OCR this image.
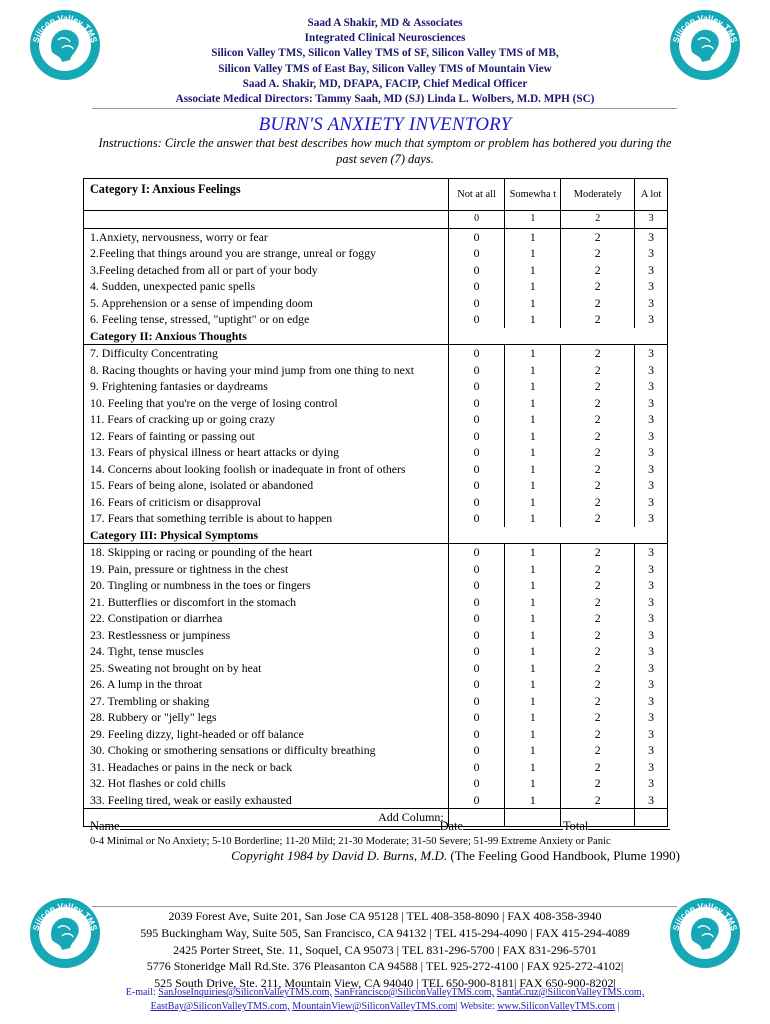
Silicon Valley TMS	Silicon Valley TMS
Silicon Valley TMS	Silicon Valley TMS
Saad A Shakir, MD & Associates
Integrated Clinical Neurosciences
Silicon Valley TMS, Silicon Valley TMS of SF, Silicon Valley TMS of MB,
Silicon Valley TMS of East Bay, Silicon Valley TMS of Mountain View
Saad A. Shakir, MD, DFAPA, FACIP, Chief Medical Officer
Associate Medical Directors: Tammy Saah, MD (SJ) Linda L. Wolbers, M.D. MPH (SC)
BURN'S ANXIETY INVENTORY
Instructions: Circle the answer that best describes how much that symptom or problem has bothered you during the past seven (7) days.
Category I: Anxious Feelings	Not at all	Somewha t	Moderately	A lot
	0	1	2	3
1.Anxiety, nervousness, worry or fear	0	1	2	3
2.Feeling that things around you are strange, unreal or foggy	0	1	2	3
3.Feeling detached from all or part of your body	0	1	2	3
4. Sudden, unexpected panic spells	0	1	2	3
5. Apprehension or a sense of impending doom	0	1	2	3
6. Feeling tense, stressed, "uptight" or on edge	0	1	2	3
Category II: Anxious Thoughts				
7. Difficulty Concentrating	0	1	2	3
8. Racing thoughts or having your mind jump from one thing to next	0	1	2	3
9. Frightening fantasies or daydreams	0	1	2	3
10. Feeling that you're on the verge of losing control	0	1	2	3
11. Fears of cracking up or going crazy	0	1	2	3
12. Fears of fainting or passing out	0	1	2	3
13. Fears of physical illness or heart attacks or dying	0	1	2	3
14. Concerns about looking foolish or inadequate in front of others	0	1	2	3
15. Fears of being alone, isolated or abandoned	0	1	2	3
16. Fears of criticism or disapproval	0	1	2	3
17. Fears that something terrible is about to happen	0	1	2	3
Category III: Physical Symptoms				
18. Skipping or racing or pounding of the heart	0	1	2	3
19. Pain, pressure or tightness in the chest	0	1	2	3
20. Tingling or numbness in the toes or fingers	0	1	2	3
21. Butterflies or discomfort in the stomach	0	1	2	3
22. Constipation or diarrhea	0	1	2	3
23. Restlessness or jumpiness	0	1	2	3
24. Tight, tense muscles	0	1	2	3
25. Sweating not brought on by heat	0	1	2	3
26. A lump in the throat	0	1	2	3
27. Trembling or shaking	0	1	2	3
28. Rubbery or "jelly" legs	0	1	2	3
29. Feeling dizzy, light-headed or off balance	0	1	2	3
30. Choking or smothering sensations or difficulty breathing	0	1	2	3
31. Headaches or pains in the neck or back	0	1	2	3
32. Hot flashes or cold chills	0	1	2	3
33. Feeling tired, weak or easily exhausted	0	1	2	3
Add Column:				
Name	Date	Total
0-4 Minimal or No Anxiety; 5-10 Borderline; 11-20 Mild; 21-30 Moderate; 31-50 Severe; 51-99 Extreme Anxiety or Panic
Copyright 1984 by David D. Burns, M.D. (The Feeling Good Handbook, Plume 1990)
2039 Forest Ave, Suite 201, San Jose CA 95128 | TEL 408-358-8090 | FAX 408-358-3940
595 Buckingham Way, Suite 505, San Francisco, CA 94132 | TEL 415-294-4090 | FAX 415-294-4089
2425 Porter Street, Ste. 11, Soquel, CA 95073 | TEL 831-296-5700 | FAX 831-296-5701
5776 Stoneridge Mall Rd.Ste. 376 Pleasanton CA 94588 | TEL 925-272-4100 | FAX 925-272-4102|
525 South Drive, Ste. 211, Mountain View, CA 94040 | TEL 650-900-8181| FAX 650-900-8202|
E-mail: SanJoseInquiries@SiliconValleyTMS.com, SanFrancisco@SiliconValleyTMS.com, SantaCruz@SiliconValleyTMS.com,
EastBay@SiliconValleyTMS.com, MountainView@SiliconValleyTMS.com| Website: www.SiliconValleyTMS.com |
